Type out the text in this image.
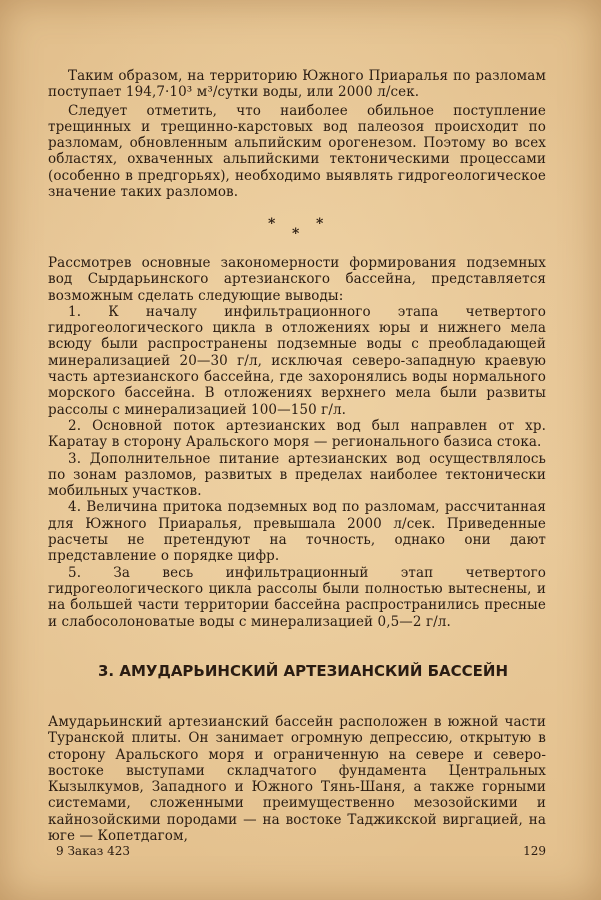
Таким образом, на территорию Южного Приаралья по разломам поступает 194,7·10³ м³/сутки воды, или 2000 л/сек.

Следует отметить, что наиболее обильное поступление трещинных и трещинно-карстовых вод палеозоя происходит по разломам, обновленным альпийским орогенезом. Поэтому во всех областях, охваченных альпийскими тектоническими процессами (особенно в предгорьях), необходимо выявлять гидрогеологическое значение таких разломов.

*	*
*

Рассмотрев основные закономерности формирования подземных вод Сырдарьинского артезианского бассейна, представляется возможным сделать следующие выводы:

1. К началу инфильтрационного этапа четвертого гидрогеологического цикла в отложениях юры и нижнего мела всюду были распространены подземные воды с преобладающей минерализацией 20—30 г/л, исключая северо-западную краевую часть артезианского бассейна, где захоронялись воды нормального морского бассейна. В отложениях верхнего мела были развиты рассолы с минерализацией 100—150 г/л.

2. Основной поток артезианских вод был направлен от хр. Каратау в сторону Аральского моря — регионального базиса стока.

3. Дополнительное питание артезианских вод осуществлялось по зонам разломов, развитых в пределах наиболее тектонически мобильных участков.

4. Величина притока подземных вод по разломам, рассчитанная для Южного Приаралья, превышала 2000 л/сек. Приведенные расчеты не претендуют на точность, однако они дают представление о порядке цифр.

5. За весь инфильтрационный этап четвертого гидрогеологического цикла рассолы были полностью вытеснены, и на большей части территории бассейна распространились пресные и слабосолоноватые воды с минерализацией 0,5—2 г/л.

3. АМУДАРЬИНСКИЙ АРТЕЗИАНСКИЙ БАССЕЙН

Амударьинский артезианский бассейн расположен в южной части Туранской плиты. Он занимает огромную депрессию, открытую в сторону Аральского моря и ограниченную на севере и северо-востоке выступами складчатого фундамента Центральных Кызылкумов, Западного и Южного Тянь-Шаня, а также горными системами, сложенными преимущественно мезозойскими и кайнозойскими породами — на востоке Таджикской виргацией, на юге — Копетдагом,

9 Заказ 423	129
